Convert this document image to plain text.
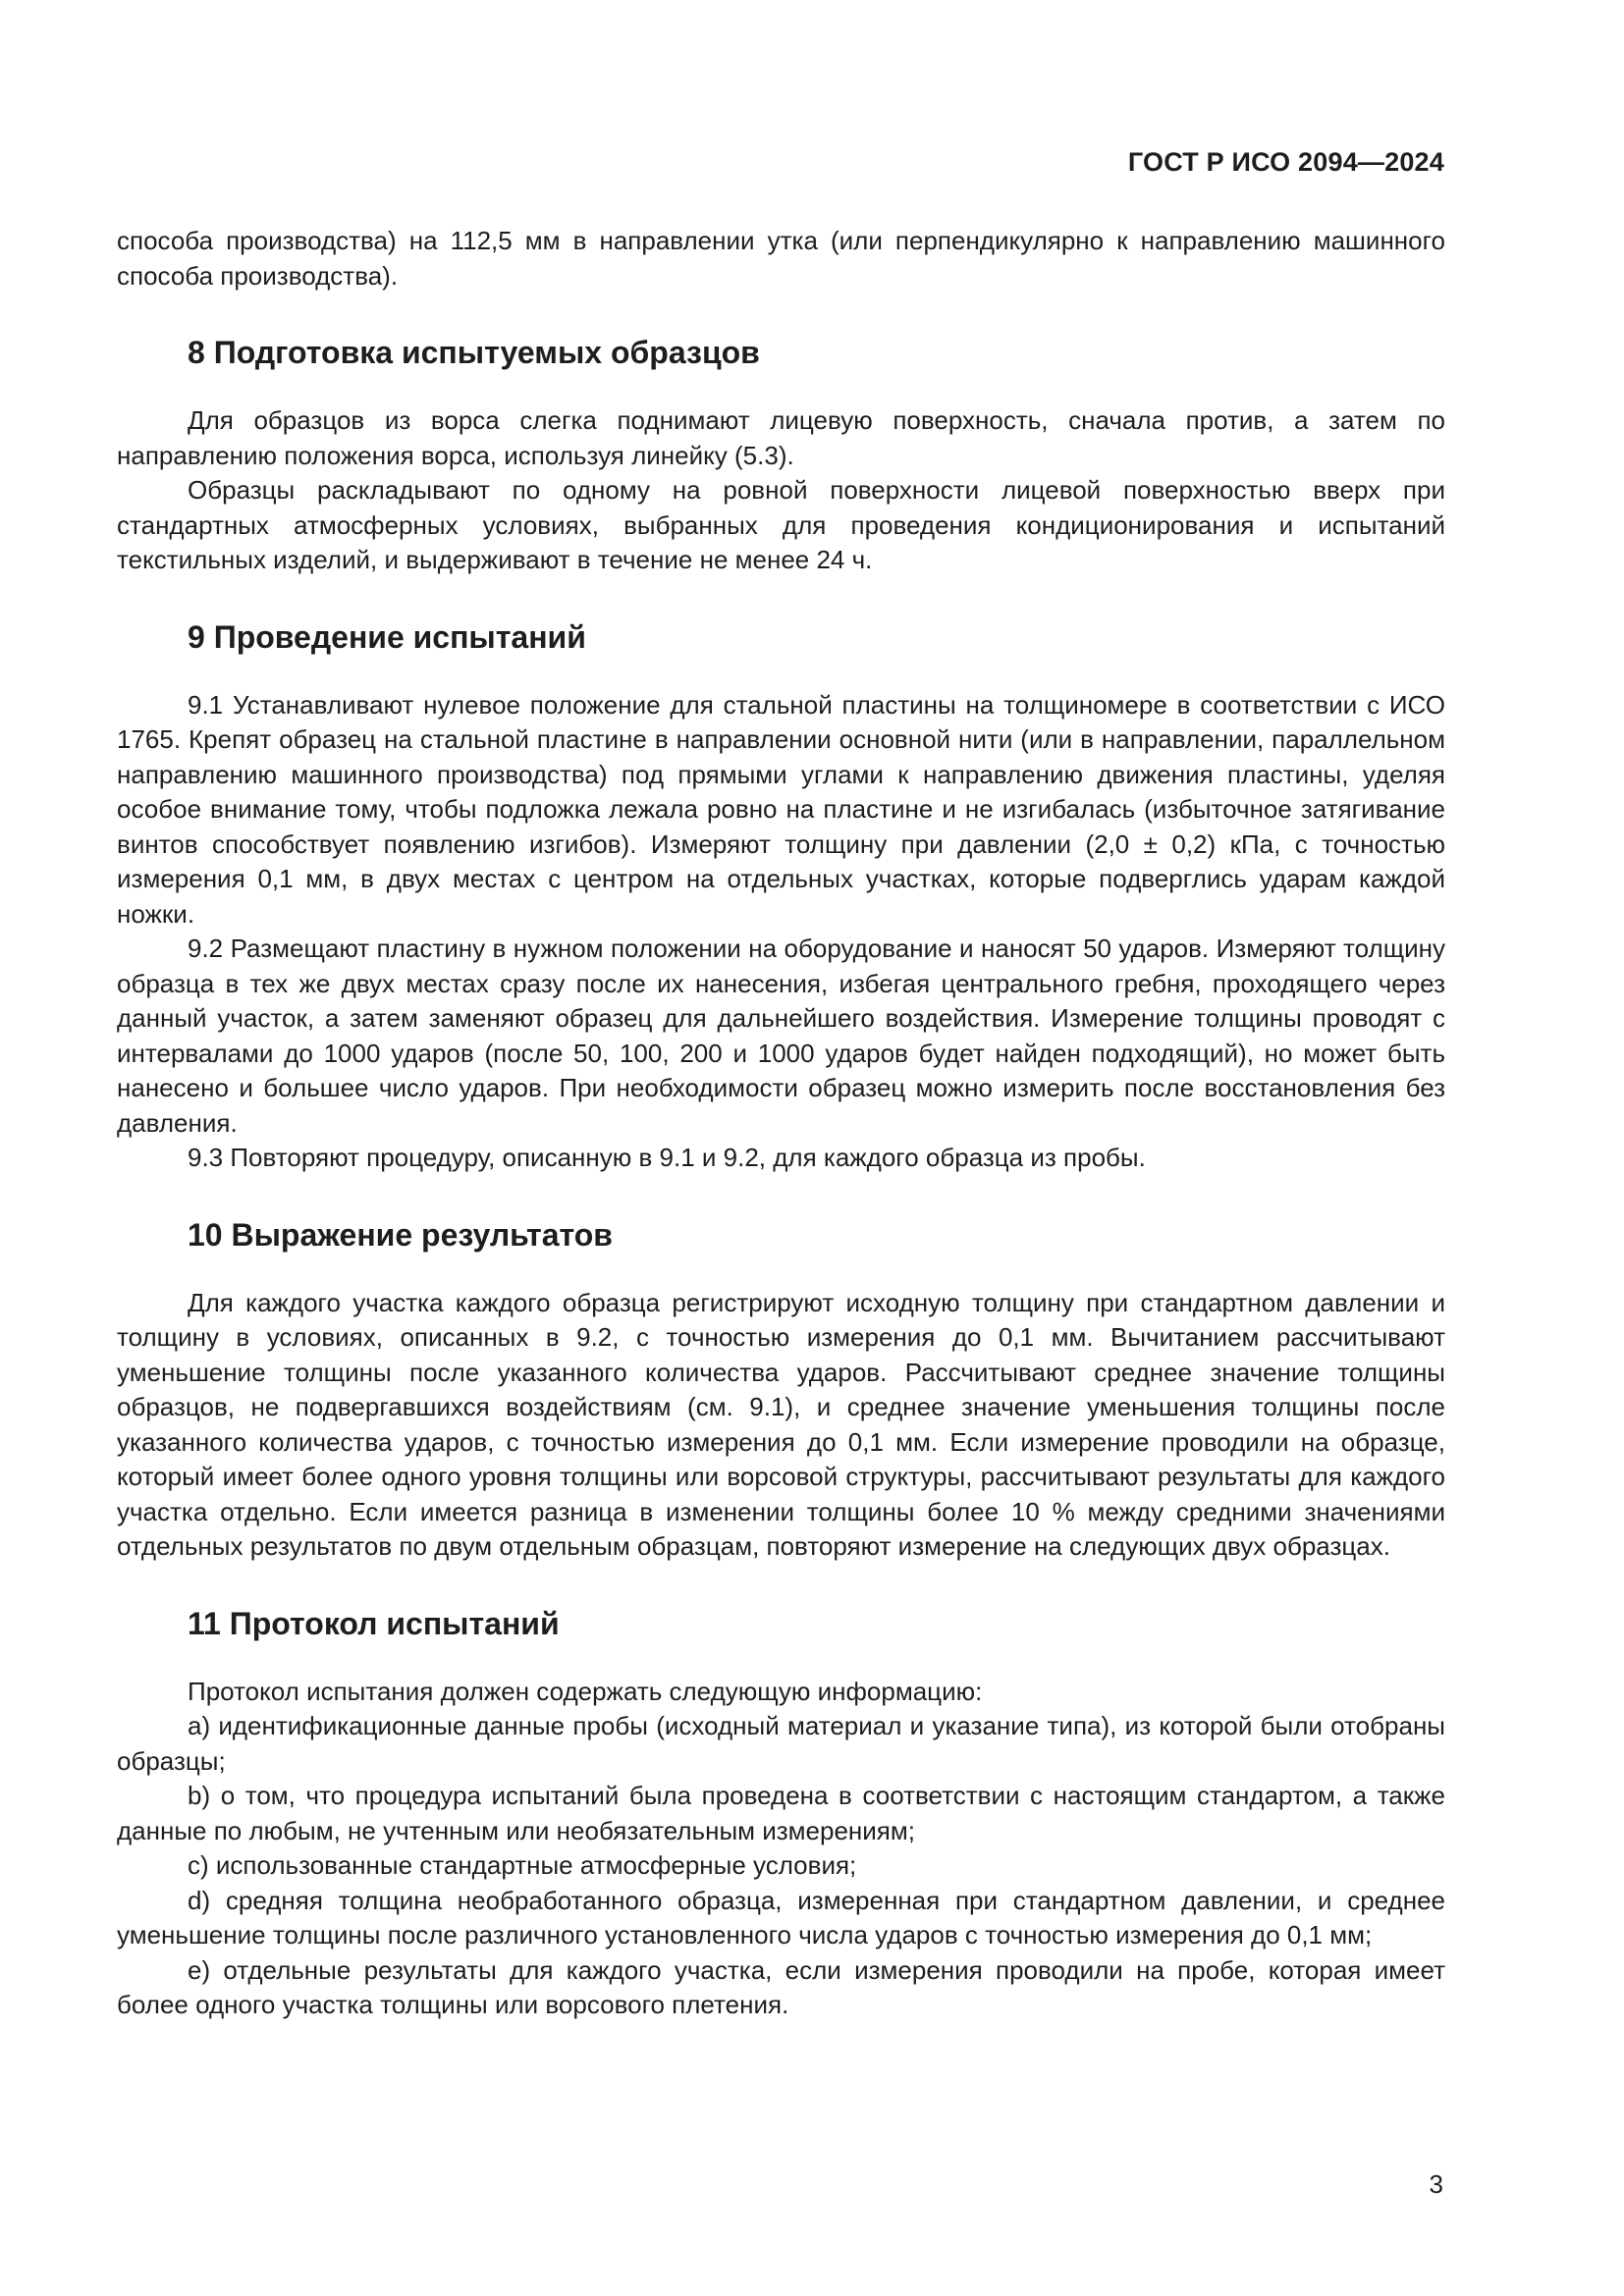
ГОСТ Р ИСО 2094—2024

способа производства) на 112,5 мм в направлении утка (или перпендикулярно к направлению машинного способа производства).

8 Подготовка испытуемых образцов

Для образцов из ворса слегка поднимают лицевую поверхность, сначала против, а затем по направлению положения ворса, используя линейку (5.3).

Образцы раскладывают по одному на ровной поверхности лицевой поверхностью вверх при стандартных атмосферных условиях, выбранных для проведения кондиционирования и испытаний текстильных изделий, и выдерживают в течение не менее 24 ч.

9 Проведение испытаний

9.1 Устанавливают нулевое положение для стальной пластины на толщиномере в соответствии с ИСО 1765. Крепят образец на стальной пластине в направлении основной нити (или в направлении, параллельном направлению машинного производства) под прямыми углами к направлению движения пластины, уделяя особое внимание тому, чтобы подложка лежала ровно на пластине и не изгибалась (избыточное затягивание винтов способствует появлению изгибов). Измеряют толщину при давлении (2,0 ± 0,2) кПа, с точностью измерения 0,1 мм, в двух местах с центром на отдельных участках, которые подверглись ударам каждой ножки.

9.2 Размещают пластину в нужном положении на оборудование и наносят 50 ударов. Измеряют толщину образца в тех же двух местах сразу после их нанесения, избегая центрального гребня, проходящего через данный участок, а затем заменяют образец для дальнейшего воздействия. Измерение толщины проводят с интервалами до 1000 ударов (после 50, 100, 200 и 1000 ударов будет найден подходящий), но может быть нанесено и большее число ударов. При необходимости образец можно измерить после восстановления без давления.

9.3 Повторяют процедуру, описанную в 9.1 и 9.2, для каждого образца из пробы.

10 Выражение результатов

Для каждого участка каждого образца регистрируют исходную толщину при стандартном давлении и толщину в условиях, описанных в 9.2, с точностью измерения до 0,1 мм. Вычитанием рассчитывают уменьшение толщины после указанного количества ударов. Рассчитывают среднее значение толщины образцов, не подвергавшихся воздействиям (см. 9.1), и среднее значение уменьшения толщины после указанного количества ударов, с точностью измерения до 0,1 мм. Если измерение проводили на образце, который имеет более одного уровня толщины или ворсовой структуры, рассчитывают результаты для каждого участка отдельно. Если имеется разница в изменении толщины более 10 % между средними значениями отдельных результатов по двум отдельным образцам, повторяют измерение на следующих двух образцах.

11 Протокол испытаний

Протокол испытания должен содержать следующую информацию:

a) идентификационные данные пробы (исходный материал и указание типа), из которой были отобраны образцы;

b) о том, что процедура испытаний была проведена в соответствии с настоящим стандартом, а также данные по любым, не учтенным или необязательным измерениям;

c) использованные стандартные атмосферные условия;

d) средняя толщина необработанного образца, измеренная при стандартном давлении, и среднее уменьшение толщины после различного установленного числа ударов с точностью измерения до 0,1 мм;

e) отдельные результаты для каждого участка, если измерения проводили на пробе, которая имеет более одного участка толщины или ворсового плетения.

3
